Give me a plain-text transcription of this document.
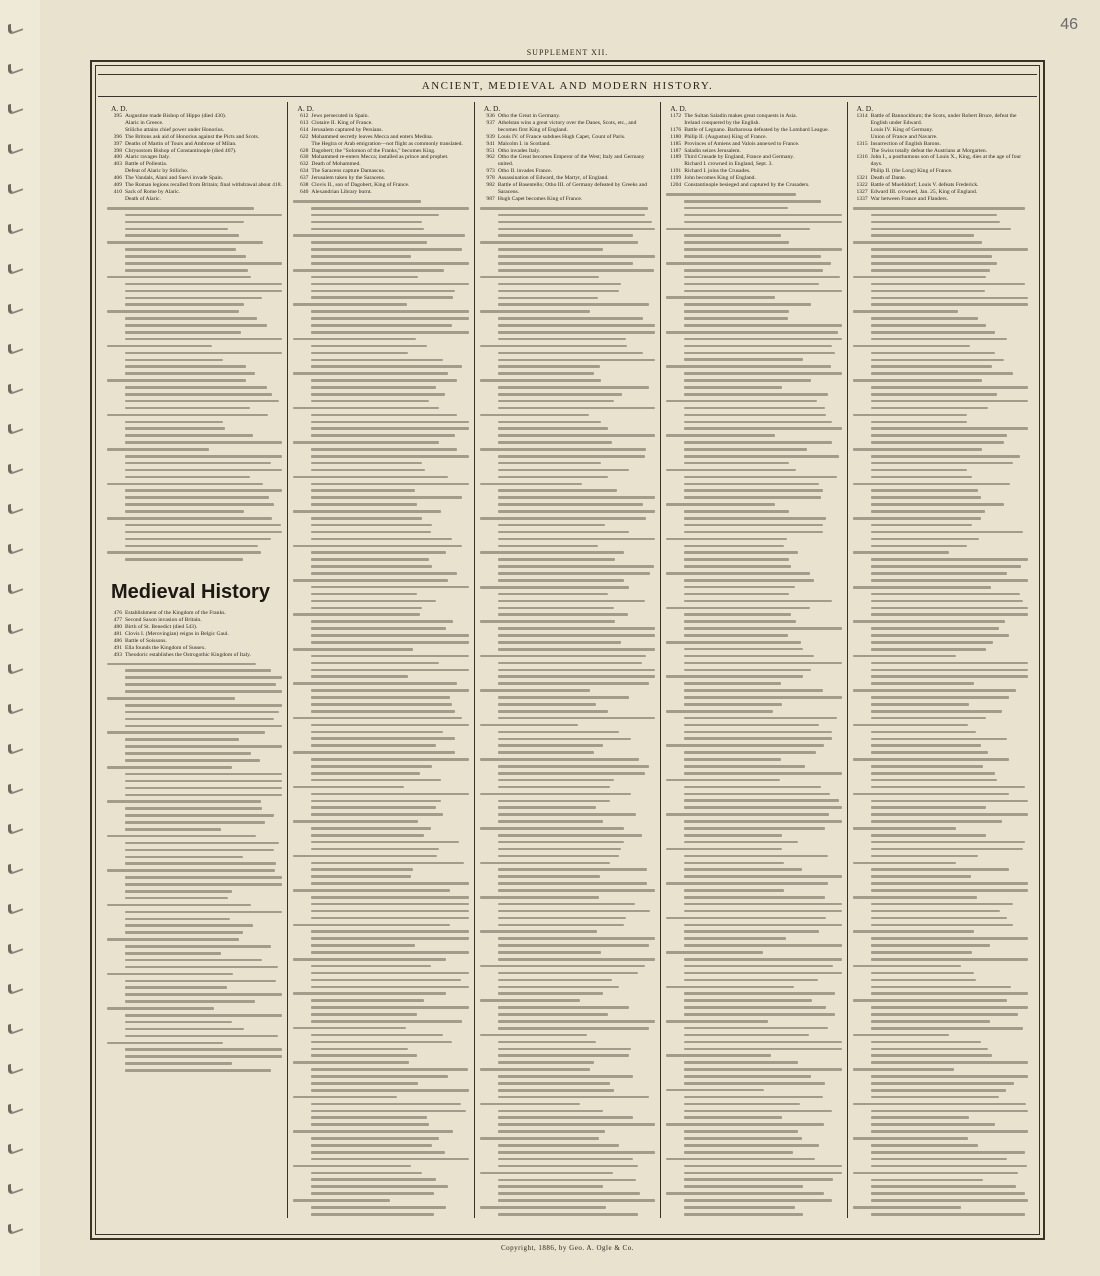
46
SUPPLEMENT XII.
ANCIENT, MEDIEVAL AND MODERN HISTORY.
A. D.
395 Augustine made Bishop of Hippo (died 430).
Alaric in Greece.
Stilicho attains chief power under Honorius.
396 The Britons ask aid of Honorius against the Picts and Scots.
397 Deaths of Martin of Tours and Ambrose of Milan.
398 Chrysostom Bishop of Constantinople (died 407).
400 Alaric ravages Italy.
403 Battle of Pollentia.
Defeat of Alaric by Stilicho.
406 The Vandals, Alani and Suevi invade Spain.
409 The Roman legions recalled from Britain; final withdrawal about 418.
410 Sack of Rome by Alaric.
Death of Alaric.
Medieval History
476 Establishment of the Kingdom of the Franks.
477 Second Saxon invasion of Britain.
480 Birth of St. Benedict (died 543).
481 Clovis I. (Merovingian) reigns in Belgic Gaul.
486 Battle of Soissons.
491 Ella founds the Kingdom of Sussex.
493 Theodoric establishes the Ostrogothic Kingdom of Italy.
A. D.
612 Jews persecuted in Spain.
613 Clotaire II. King of France.
614 Jerusalem captured by Persians.
622 Mohammed secretly leaves Mecca and enters Medina.
The Hegira or Arab emigration—not flight as commonly translated.
628 Dagobert; the "Solomon of the Franks," becomes King.
630 Mohammed re-enters Mecca; installed as prince and prophet.
632 Death of Mohammed.
634 The Saracens capture Damascus.
637 Jerusalem taken by the Saracens.
638 Clovis II., son of Dagobert, King of France.
640 Alexandrian Library burnt.
A. D.
936 Otho the Great in Germany.
937 Athelstan wins a great victory over the Danes, Scots, etc., and becomes first King of England.
939 Louis IV. of France subdues Hugh Capet, Count of Paris.
941 Malcolm I. in Scotland.
951 Otho invades Italy.
962 Otho the Great becomes Emperor of the West; Italy and Germany united.
973 Otho II. invades France.
978 Assassination of Edward, the Martyr, of England.
982 Battle of Basentello; Otho III. of Germany defeated by Greeks and Saracens.
987 Hugh Capet becomes King of France.
A. D.
1172 The Sultan Saladin makes great conquests in Asia.
Ireland conquered by the English.
1176 Battle of Legnano. Barbarossa defeated by the Lombard League.
1180 Philip II. (Augustus) King of France.
1185 Provinces of Amiens and Valois annexed to France.
1187 Saladin seizes Jerusalem.
1189 Third Crusade by England, France and Germany.
Richard I. crowned in England, Sept. 3.
1191 Richard I. joins the Crusades.
1199 John becomes King of England.
1204 Constantinople besieged and captured by the Crusaders.
A. D.
1314 Battle of Bannockburn; the Scots, under Robert Bruce, defeat the English under Edward.
Louis IV. King of Germany.
Union of France and Navarre.
1315 Insurrection of English Barons.
The Swiss totally defeat the Austrians at Morgarten.
1316 John I., a posthumous son of Louis X., King, dies at the age of four days.
Philip II. (the Long) King of France.
1321 Death of Dante.
1322 Battle of Muehldorf; Louis V. defeats Frederick.
1327 Edward III. crowned, Jan. 25, King of England.
1337 War between France and Flanders.
Copyright, 1886, by Geo. A. Ogle & Co.
